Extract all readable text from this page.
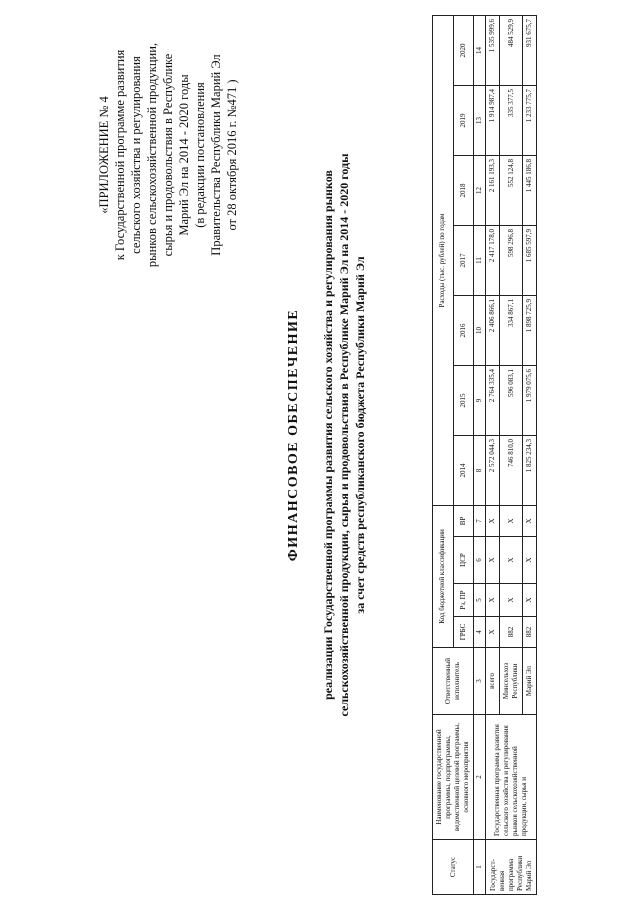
«ПРИЛОЖЕНИЕ № 4 к Государственной программе развития сельского хозяйства и регулирования рынков сельскохозяйственной продукции, сырья и продовольствия в Республике Марий Эл на 2014 - 2020 годы (в редакции постановления Правительства Республики Марий Эл от 28 октября 2016 г. №471 )
ФИНАНСОВОЕ ОБЕСПЕЧЕНИЕ реализации Государственной программы развития сельского хозяйства и регулирования рынков сельскохозяйственной продукции, сырья и продовольствия в Республике Марий Эл на 2014 - 2020 годы за счет средств республиканского бюджета Республики Марий Эл
Статус	Наименование государственной программы, подпрограммы, ведомственной целевой программы, основного мероприятия	Ответственный исполнитель	Код бюджетной классификации				Расходы (тыс. рублей) по годам						
			ГРБС	Рз, ПР	ЦСР	ВР	2014	2015	2016	2017	2018	2019	2020
1	2	3	4	5	6	7	8	9	10	11	12	13	14
Государст-венная программа Республики Марий Эл	Государственная программа развития сельского хозяйства и регулирования рынков сельскохозяйственной продукции, сырья и	всего	Х	Х	Х	Х	2 572 044,3	2 764 335,4	2 406 866,1	2 417 178,0	2 161 193,3	1 914 987,4	1 535 999,6
		Минсельхоз Республики	882	Х	Х	Х	746 810,0	596 083,1	334 867,1	598 296,8	552 124,8	335 377,5	484 529,9
		Марий Эл	882	Х	Х	Х	1 825 234,3	1 979 075,6	1 898 725,9	1 685 597,9	1 445 186,8	1 233 775,7	931 675,7
